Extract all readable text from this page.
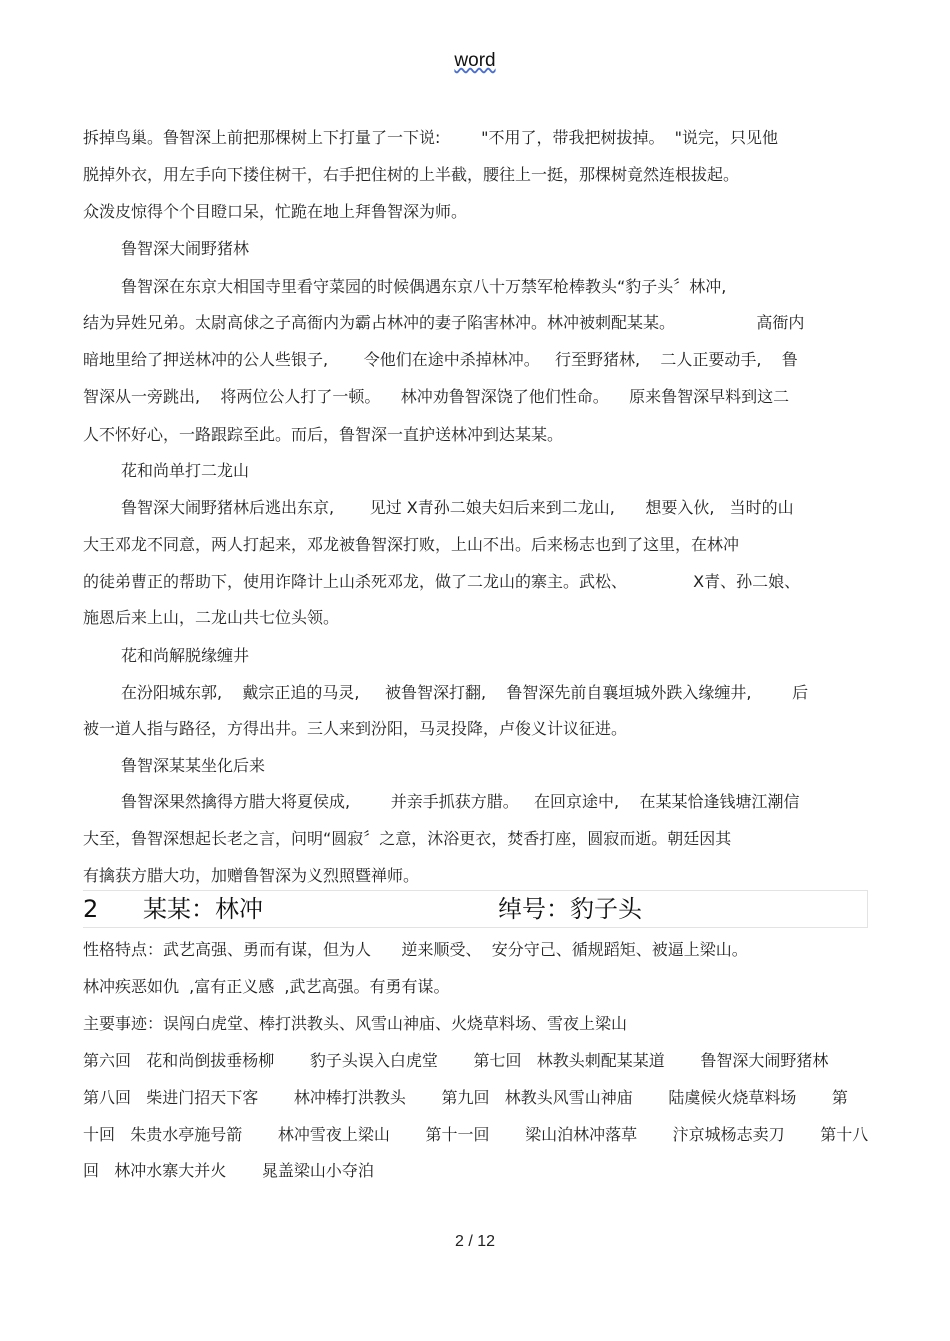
word
拆掉鸟巢。鲁智深上前把那棵树上下打量了一下说:        "不用了，带我把树拔掉。  "说完，只见他
脱掉外衣，用左手向下搂住树干，右手把住树的上半截，腰往上一挺，那棵树竟然连根拔起。
众泼皮惊得个个目瞪口呆，忙跪在地上拜鲁智深为师。
鲁智深大闹野猪林
鲁智深在东京大相国寺里看守菜园的时候偶遇东京八十万禁军枪棒教头“豹子头〞林冲,
结为异姓兄弟。太尉高俅之子高衙内为霸占林冲的妻子陷害林冲。林冲被刺配某某。                高衙内
暗地里给了押送林冲的公人些银子,       令他们在途中杀掉林冲。   行至野猪林,    二人正要动手,    鲁
智深从一旁跳出,    将两位公人打了一顿。    林冲劝鲁智深饶了他们性命。    原来鲁智深早料到这二
人不怀好心，一路跟踪至此。而后，鲁智深一直护送林冲到达某某。
花和尚单打二龙山
鲁智深大闹野猪林后逃出东京,       见过 X青孙二娘夫妇后来到二龙山,      想要入伙,   当时的山
大王邓龙不同意，两人打起来，邓龙被鲁智深打败，上山不出。后来杨志也到了这里，在林冲
的徒弟曹正的帮助下，使用诈降计上山杀死邓龙，做了二龙山的寨主。武松、             X青、孙二娘、
施恩后来上山，二龙山共七位头领。
花和尚解脱缘缠井
在汾阳城东郭,    戴宗正追的马灵,     被鲁智深打翻,    鲁智深先前自襄垣城外跌入缘缠井,        后
被一道人指与路径，方得出井。三人来到汾阳，马灵投降，卢俊义计议征进。
鲁智深某某坐化后来
鲁智深果然擒得方腊大将夏侯成,        并亲手抓获方腊。   在回京途中,    在某某恰逢钱塘江潮信
大至，鲁智深想起长老之言，问明“圆寂〞之意，沐浴更衣，焚香打座，圆寂而逝。朝廷因其
有擒获方腊大功，加赠鲁智深为义烈照暨禅师。
2 某某：林冲	绰号：豹子头
性格特点：武艺高强、勇而有谋，但为人      逆来顺受、  安分守己、循规蹈矩、被逼上梁山。
林冲疾恶如仇  ,富有正义感  ,武艺高强。有勇有谋。
主要事迹：误闯白虎堂、棒打洪教头、风雪山神庙、火烧草料场、雪夜上梁山
第六回   花和尚倒拔垂杨柳       豹子头误入白虎堂       第七回   林教头刺配某某道       鲁智深大闹野猪林
第八回   柴进门招天下客       林冲棒打洪教头       第九回   林教头风雪山神庙       陆虞候火烧草料场       第
十回   朱贵水亭施号箭       林冲雪夜上梁山       第十一回       梁山泊林冲落草       汴京城杨志卖刀       第十八
回   林冲水寨大并火       晁盖梁山小夺泊
2 / 12
